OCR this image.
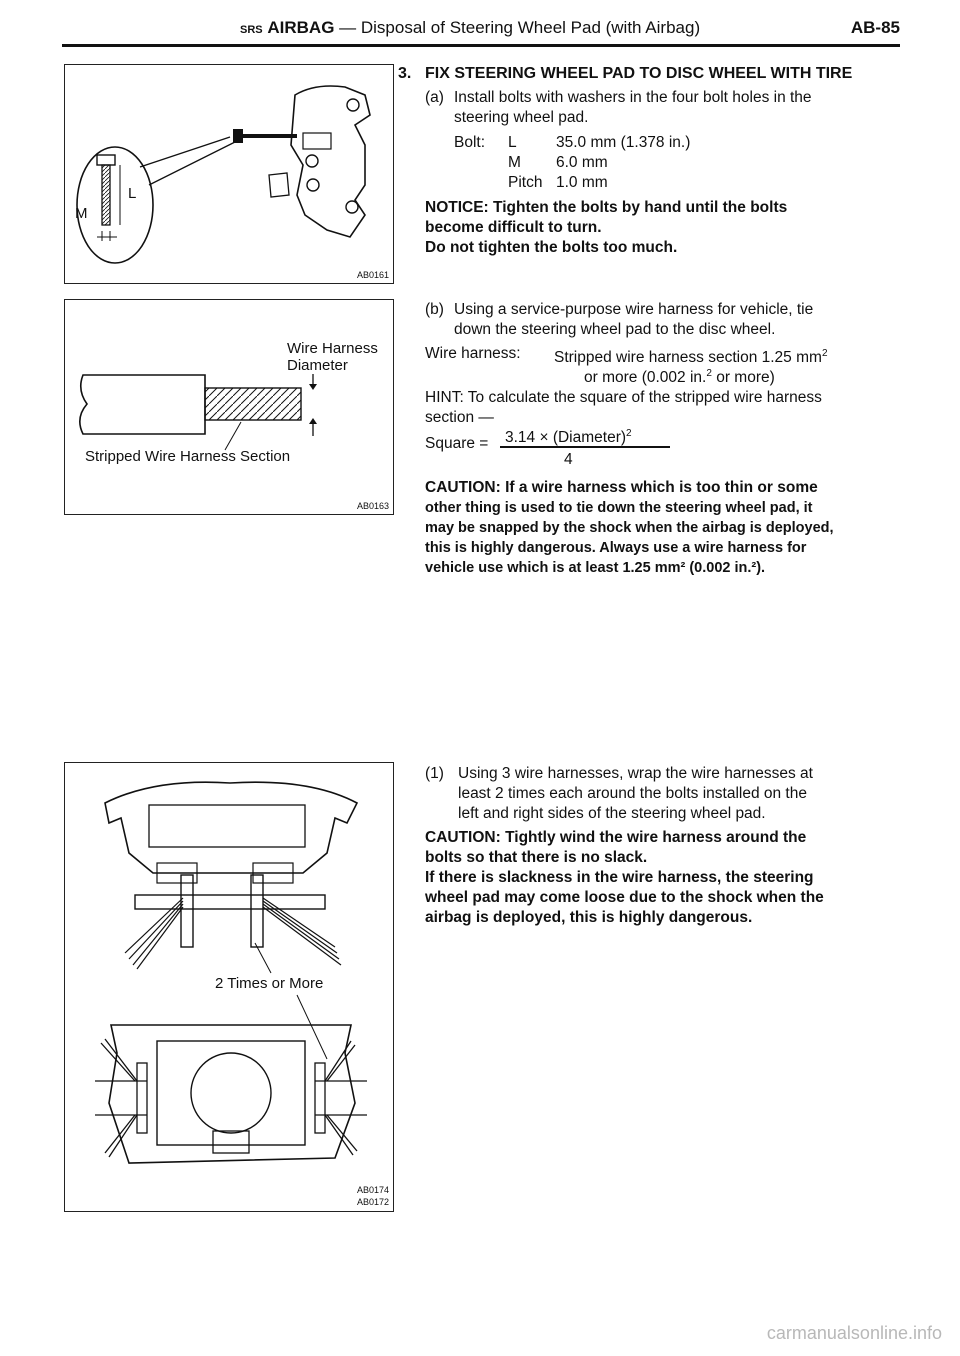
SRS AIRBAG — Disposal of Steering Wheel Pad (with Airbag)	AB-85
L
M
AB0161
Wire Harness
Diameter
Stripped Wire Harness Section
AB0163
2 Times or More
AB0174
AB0172
3. FIX STEERING WHEEL PAD TO DISC WHEEL WITH TIRE
(a) Install bolts with washers in the four bolt holes in the
steering wheel pad.
Bolt: L	35.0 mm (1.378 in.)
M 6.0 mm
Pitch 1.0 mm
NOTICE: Tighten the bolts by hand until the bolts
become difficult to turn.
Do not tighten the bolts too much.
(b) Using a service-purpose wire harness for vehicle, tie
down the steering wheel pad to the disc wheel.
Wire harness: Stripped wire harness section 1.25 $mm^2$
or more (0.002 in.$^2$ or more)
HINT: To calculate the square of the stripped wire harness
section —
Square = 3.14 × (Diameter)$^2$
4
CAUTION: If a wire harness which is too thin or some
other thing is used to tie down the steering wheel pad, it
may be snapped by the shock when the airbag is deployed,
this is highly dangerous. Always use a wire harness for
vehicle use which is at least 1.25 mm² (0.002 in.²).
(1) Using 3 wire harnesses, wrap the wire harnesses at
least 2 times each around the bolts installed on the
left and right sides of the steering wheel pad.
CAUTION: Tightly wind the wire harness around the
bolts so that there is no slack.
If there is slackness in the wire harness, the steering
wheel pad may come loose due to the shock when the
airbag is deployed, this is highly dangerous.
carmanualsonline.info
